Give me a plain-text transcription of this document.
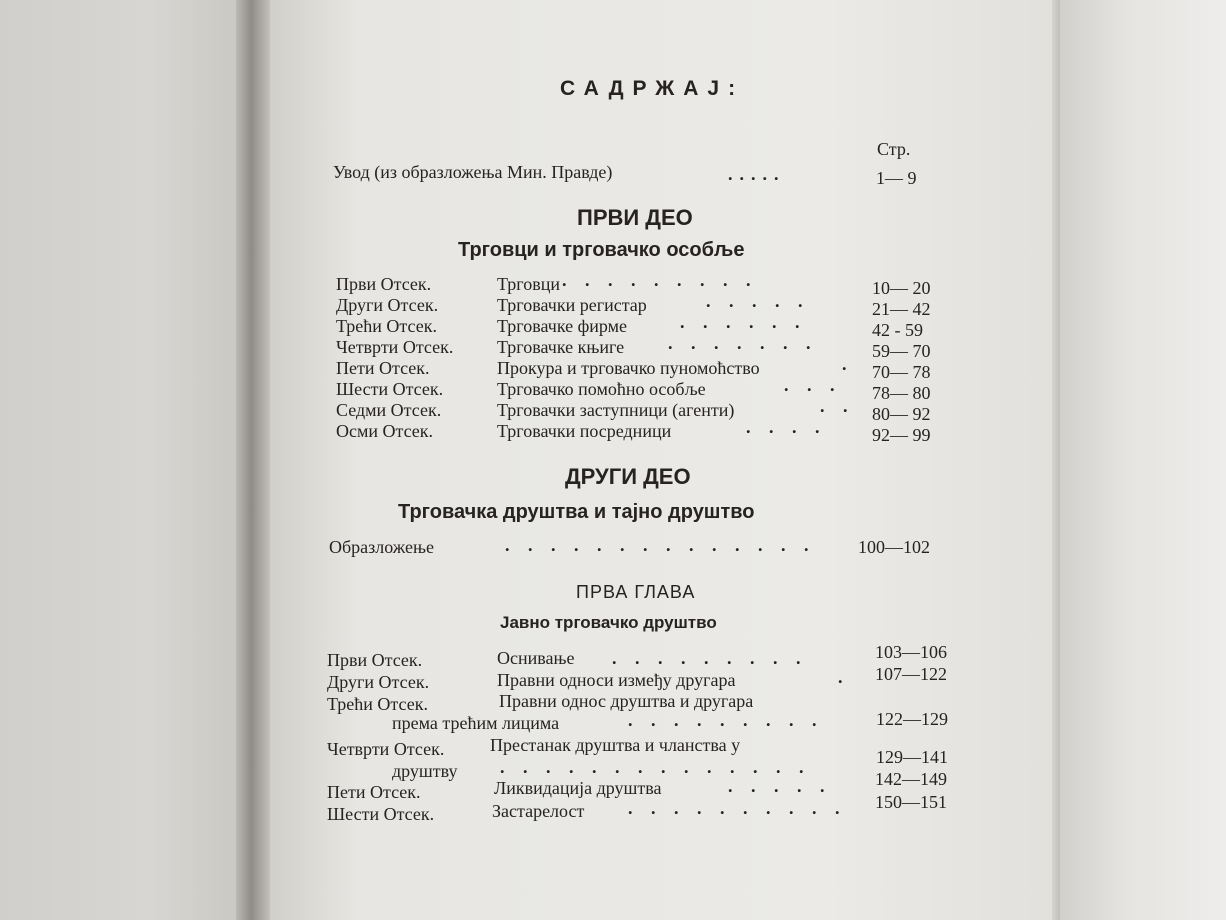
САДРЖАЈ:
Стр.
Увод (из образложења Мин. Правде)	.....	1— 9
ПРВИ ДЕО
Трговци и трговачко особље
Први Отсек.	Трговци . . . . . . . . .	10— 20
Други Отсек.	Трговачки регистар	. . . . .	21— 42
Трећи Отсек.	Трговачке фирме	. . . . . .	42 - 59
Четврти Отсек. Трговачке књиге . . . . . . .	59— 70
Пети Отсек.	Прокура и трговачко пуномоћство	. 70— 78
Шести Отсек.	Трговачко помоћно особље	. . . 78— 80
Седми Отсек.	Трговачки заступници (агенти)	. . 80— 92
Осми Отсек.	Трговачки посредници	. . . .	92— 99
ДРУГИ ДЕО
Трговачка друштва и тајно друштво
Образложење	. . . . . . . . . . . . . . 100—102
ПРВА ГЛАВА
Јавно трговачко друштво
Први Отсек.	Оснивање . . . . . . . . .	103—106
Други Отсек.	Правни односи између другара	. 107—122
Трећи Отсек.	Правни однос друштва и другара
према трећим лицима	. . . . . . . . .	122—129
Четврти Отсек.	Престанак друштва и чланства у
друштву . . . . . . . . . . . . . .	129—141
Пети Отсек.	Ликвидација друштва	. . . . . 142—149
Шести Отсек.	Застарелост . . . . . . . . . . 150—151
